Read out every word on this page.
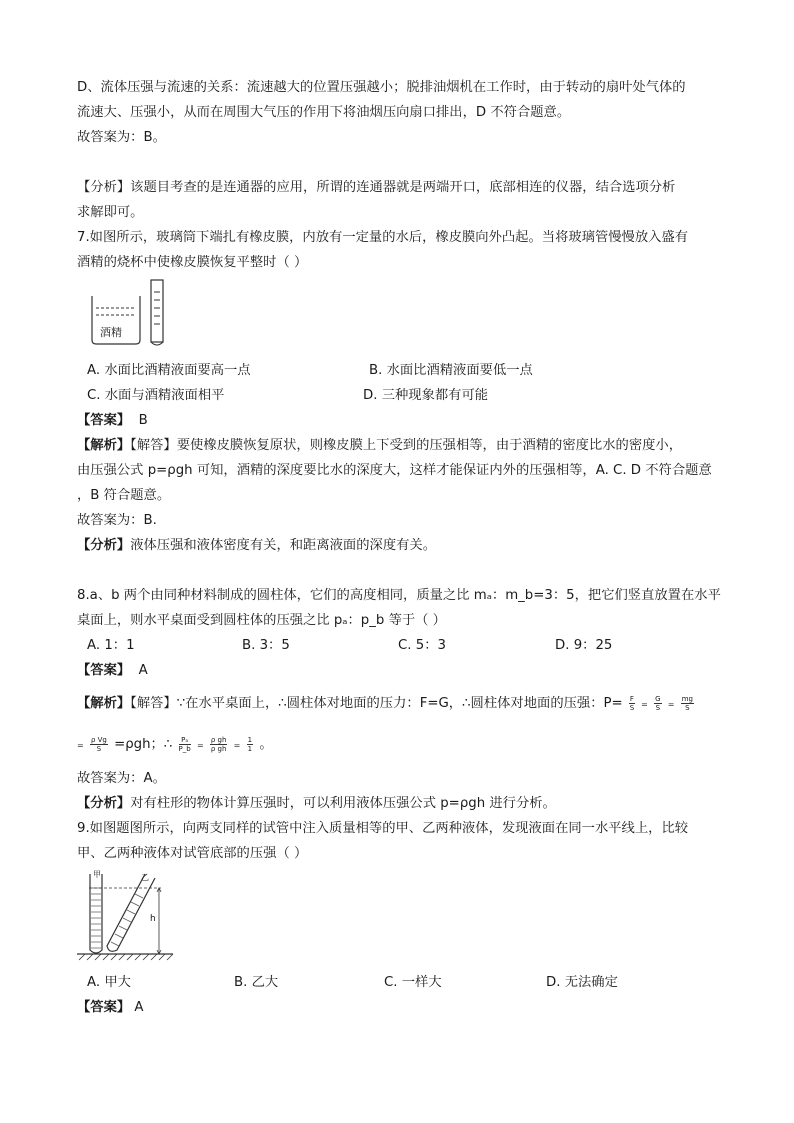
D、流体压强与流速的关系：流速越大的位置压强越小；脱排油烟机在工作时，由于转动的扇叶处气体的
流速大、压强小，从而在周围大气压的作用下将油烟压向扇口排出，D 不符合题意。
故答案为：B。
【分析】该题目考查的是连通器的应用，所谓的连通器就是两端开口，底部相连的仪器，结合选项分析
求解即可。
7.如图所示，玻璃筒下端扎有橡皮膜，内放有一定量的水后，橡皮膜向外凸起。当将玻璃管慢慢放入盛有
酒精的烧杯中使橡皮膜恢复平整时（ ）
酒精
A. 水面比酒精液面要高一点	B. 水面比酒精液面要低一点
C. 水面与酒精液面相平	D. 三种现象都有可能
【答案】 B
【解析】【解答】要使橡皮膜恢复原状，则橡皮膜上下受到的压强相等，由于酒精的密度比水的密度小，
由压强公式 p=ρgh 可知，酒精的深度要比水的深度大，这样才能保证内外的压强相等，A. C. D 不符合题意
，B 符合题意。
故答案为：B.
【分析】液体压强和液体密度有关，和距离液面的深度有关。
8.a、b 两个由同种材料制成的圆柱体，它们的高度相同，质量之比 mₐ：m_b=3：5，把它们竖直放置在水平
桌面上，则水平桌面受到圆柱体的压强之比 pₐ：p_b 等于（ ）
A. 1：1	B. 3：5	C. 5：3	D. 9：25
【答案】 A
【解析】【解答】∵在水平桌面上，∴圆柱体对地面的压力：F=G，∴圆柱体对地面的压强：$P= \frac{F}{S} = \frac{G}{S} = \frac{mg}{S}$
= $\frac{\text{ρ Vg}}{S} =\rho gh$；∴ $\frac{\text{Pₐ}}{P\_b} = \frac{\text{ρ gh}}{\text{ρ gh}} = \frac{1}{1}$ 。
故答案为：A。
【分析】对有柱形的物体计算压强时，可以利用液体压强公式 p=ρgh 进行分析。
9.如图题图所示，向两支同样的试管中注入质量相等的甲、乙两种液体，发现液面在同一水平线上，比较
甲、乙两种液体对试管底部的压强（ ）
甲	乙
h
A. 甲大	B. 乙大	C. 一样大	D. 无法确定
【答案】 A
